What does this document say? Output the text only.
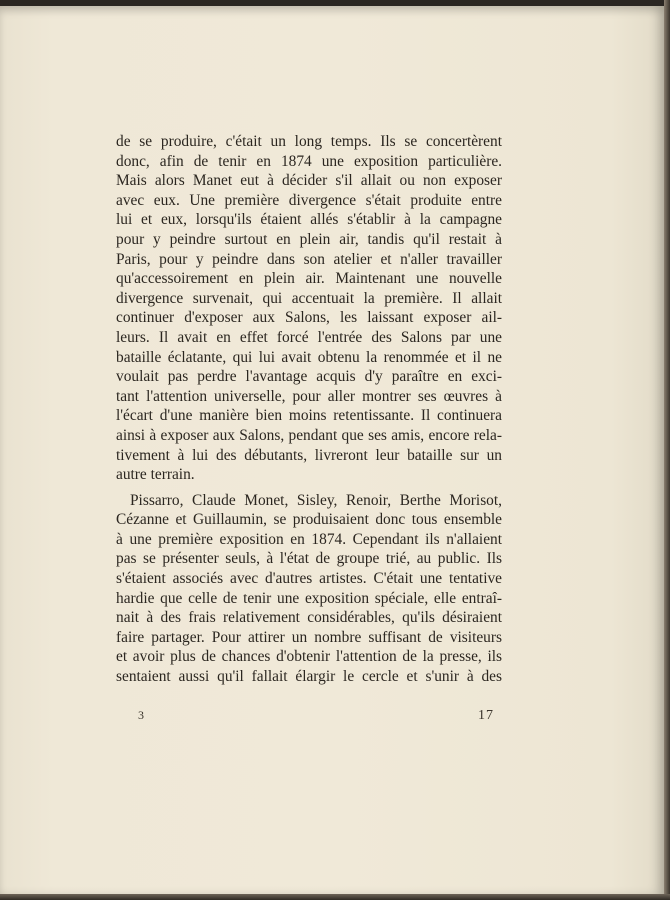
de se produire, c'était un long temps. Ils se concertèrent
donc, afin de tenir en 1874 une exposition particulière.
Mais alors Manet eut à décider s'il allait ou non exposer
avec eux. Une première divergence s'était produite entre
lui et eux, lorsqu'ils étaient allés s'établir à la campagne
pour y peindre surtout en plein air, tandis qu'il restait à
Paris, pour y peindre dans son atelier et n'aller travailler
qu'accessoirement en plein air. Maintenant une nouvelle
divergence survenait, qui accentuait la première. Il allait
continuer d'exposer aux Salons, les laissant exposer ail-
leurs. Il avait en effet forcé l'entrée des Salons par une
bataille éclatante, qui lui avait obtenu la renommée et il ne
voulait pas perdre l'avantage acquis d'y paraître en exci-
tant l'attention universelle, pour aller montrer ses œuvres à
l'écart d'une manière bien moins retentissante. Il continuera
ainsi à exposer aux Salons, pendant que ses amis, encore rela-
tivement à lui des débutants, livreront leur bataille sur un
autre terrain.
Pissarro, Claude Monet, Sisley, Renoir, Berthe Morisot,
Cézanne et Guillaumin, se produisaient donc tous ensemble
à une première exposition en 1874. Cependant ils n'allaient
pas se présenter seuls, à l'état de groupe trié, au public. Ils
s'étaient associés avec d'autres artistes. C'était une tentative
hardie que celle de tenir une exposition spéciale, elle entraî-
nait à des frais relativement considérables, qu'ils désiraient
faire partager. Pour attirer un nombre suffisant de visiteurs
et avoir plus de chances d'obtenir l'attention de la presse, ils
sentaient aussi qu'il fallait élargir le cercle et s'unir à des
3	17
